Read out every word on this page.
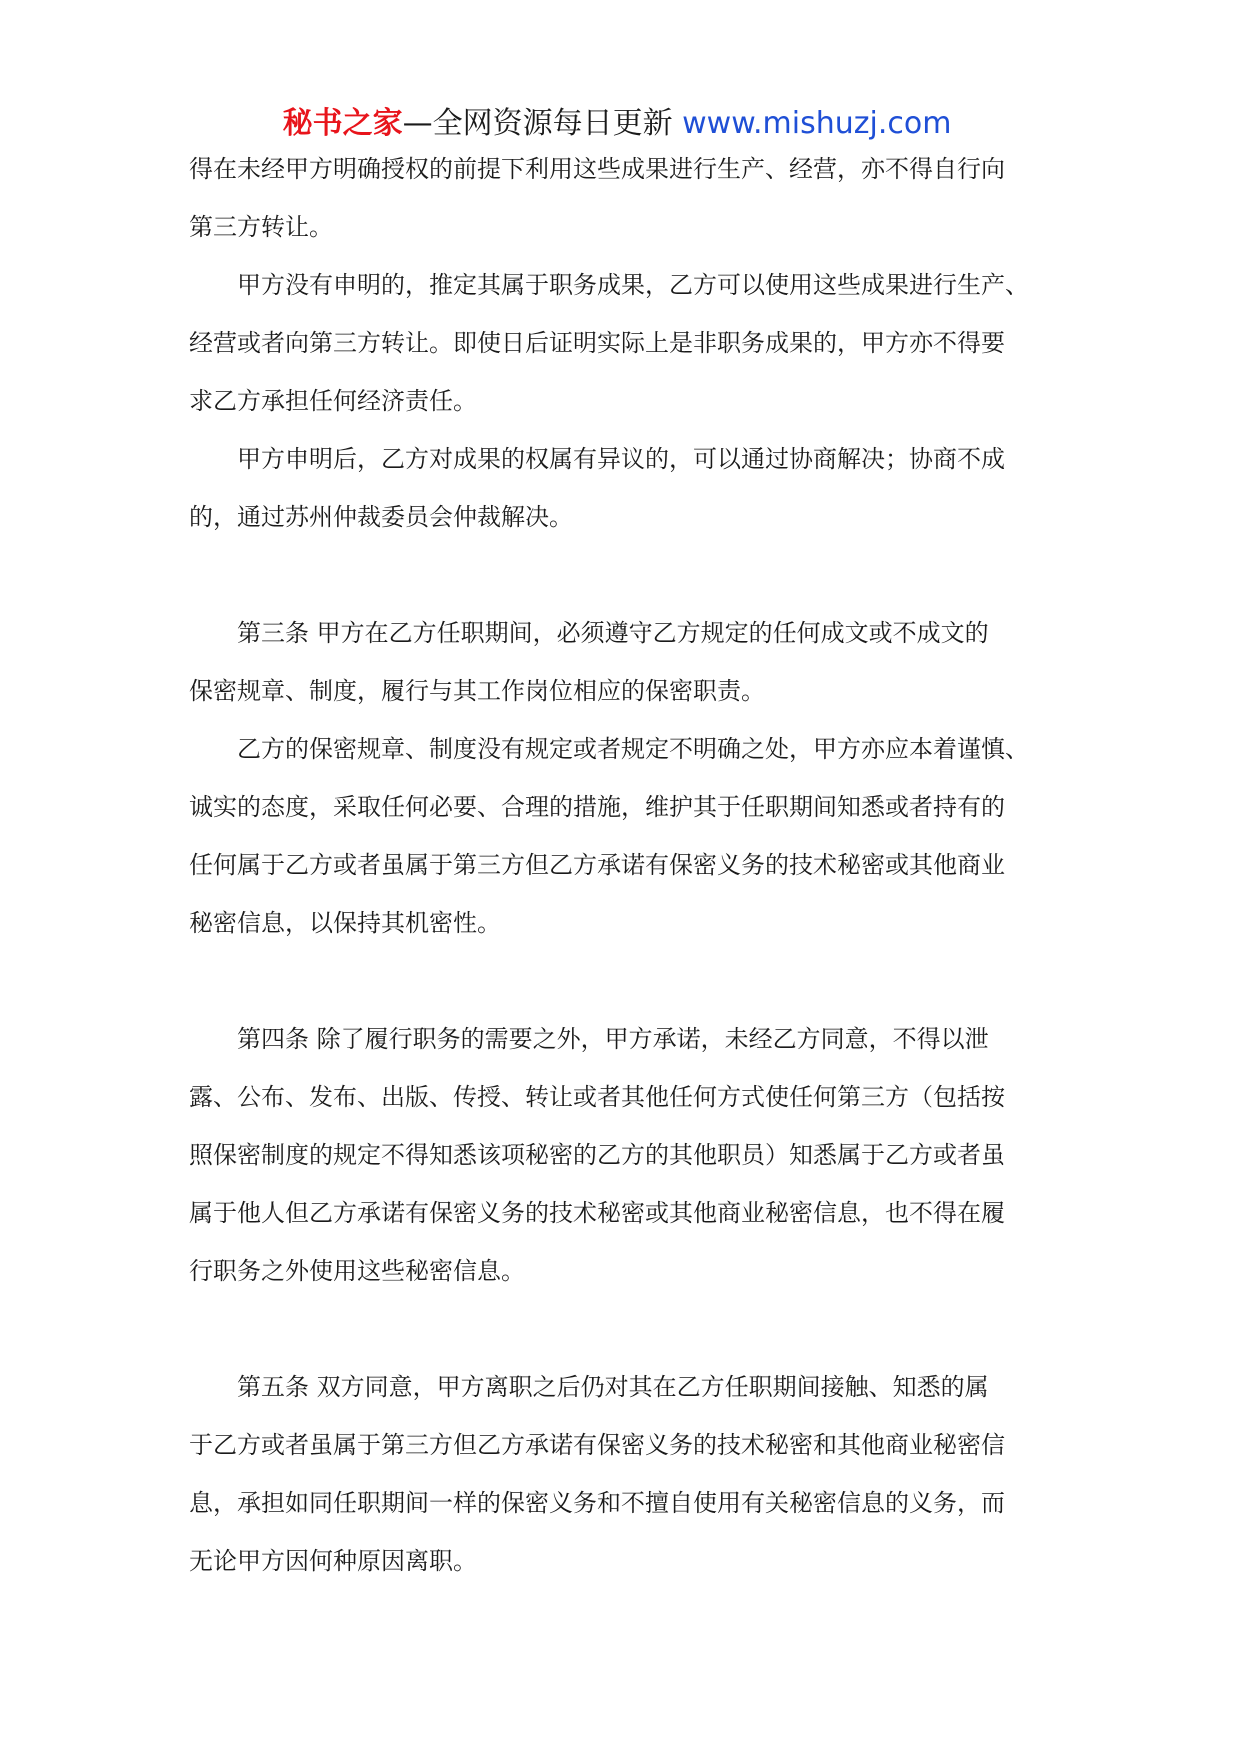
秘书之家—全网资源每日更新 www.mishuzj.com
得在未经甲方明确授权的前提下利用这些成果进行生产、经营，亦不得自行向
第三方转让。
甲方没有申明的，推定其属于职务成果，乙方可以使用这些成果进行生产、
经营或者向第三方转让。即使日后证明实际上是非职务成果的，甲方亦不得要
求乙方承担任何经济责任。
甲方申明后，乙方对成果的权属有异议的，可以通过协商解决；协商不成
的，通过苏州仲裁委员会仲裁解决。
第三条 甲方在乙方任职期间，必须遵守乙方规定的任何成文或不成文的
保密规章、制度，履行与其工作岗位相应的保密职责。
乙方的保密规章、制度没有规定或者规定不明确之处，甲方亦应本着谨慎、
诚实的态度，采取任何必要、合理的措施，维护其于任职期间知悉或者持有的
任何属于乙方或者虽属于第三方但乙方承诺有保密义务的技术秘密或其他商业
秘密信息，以保持其机密性。
第四条 除了履行职务的需要之外，甲方承诺，未经乙方同意，不得以泄
露、公布、发布、出版、传授、转让或者其他任何方式使任何第三方（包括按
照保密制度的规定不得知悉该项秘密的乙方的其他职员）知悉属于乙方或者虽
属于他人但乙方承诺有保密义务的技术秘密或其他商业秘密信息，也不得在履
行职务之外使用这些秘密信息。
第五条 双方同意，甲方离职之后仍对其在乙方任职期间接触、知悉的属
于乙方或者虽属于第三方但乙方承诺有保密义务的技术秘密和其他商业秘密信
息，承担如同任职期间一样的保密义务和不擅自使用有关秘密信息的义务，而
无论甲方因何种原因离职。
